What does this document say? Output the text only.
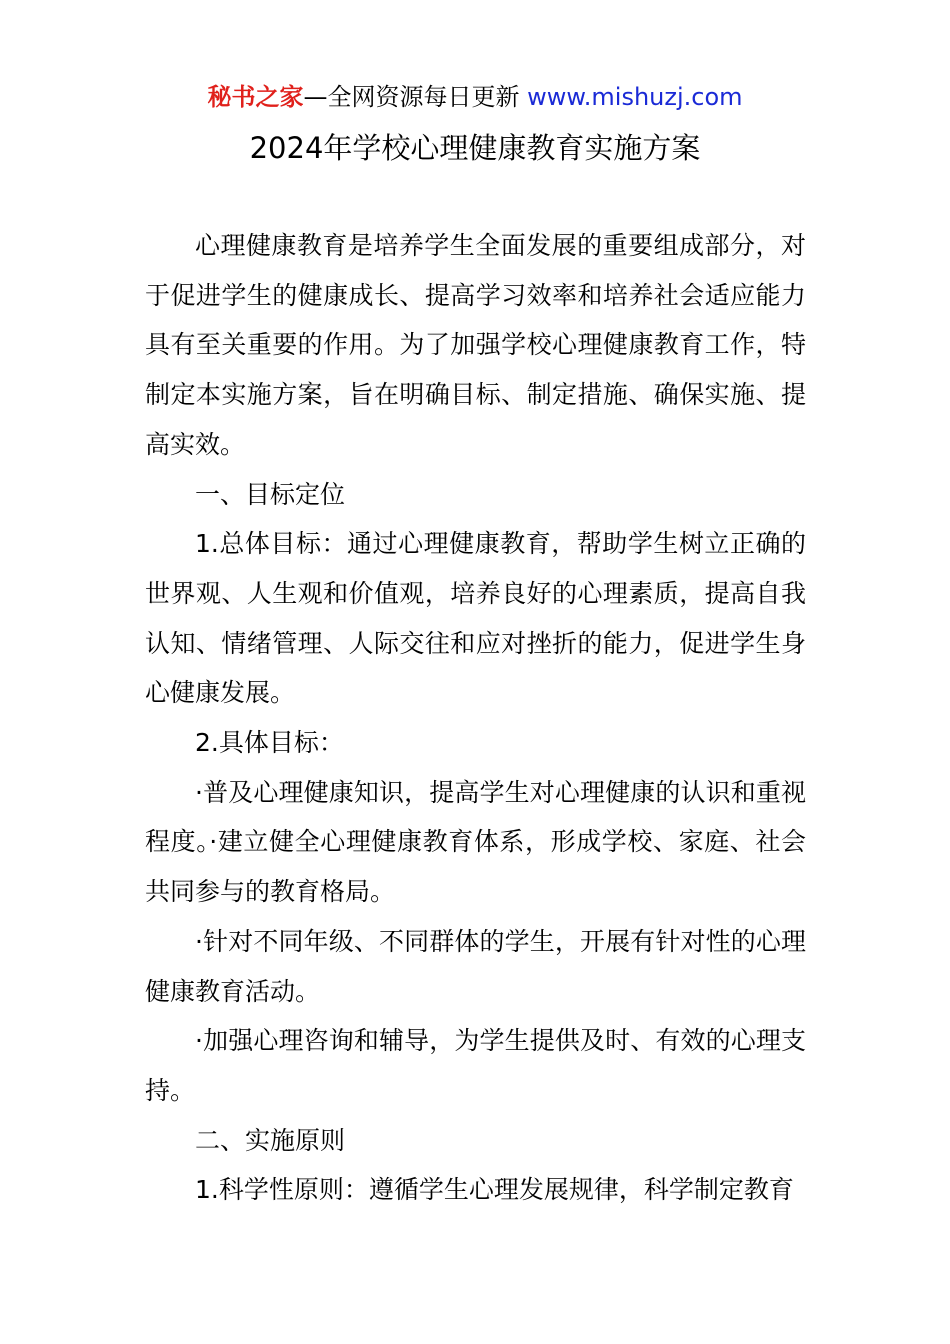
秘书之家—全网资源每日更新 www.mishuzj.com
2024年学校心理健康教育实施方案

心理健康教育是培养学生全面发展的重要组成部分，对于促进学生的健康成长、提高学习效率和培养社会适应能力具有至关重要的作用。为了加强学校心理健康教育工作，特制定本实施方案，旨在明确目标、制定措施、确保实施、提高实效。

一、目标定位

1.总体目标：通过心理健康教育，帮助学生树立正确的世界观、人生观和价值观，培养良好的心理素质，提高自我认知、情绪管理、人际交往和应对挫折的能力，促进学生身心健康发展。

2.具体目标：

·普及心理健康知识，提高学生对心理健康的认识和重视程度。·建立健全心理健康教育体系，形成学校、家庭、社会共同参与的教育格局。

·针对不同年级、不同群体的学生，开展有针对性的心理健康教育活动。

·加强心理咨询和辅导，为学生提供及时、有效的心理支持。

二、实施原则

1.科学性原则：遵循学生心理发展规律，科学制定教育
